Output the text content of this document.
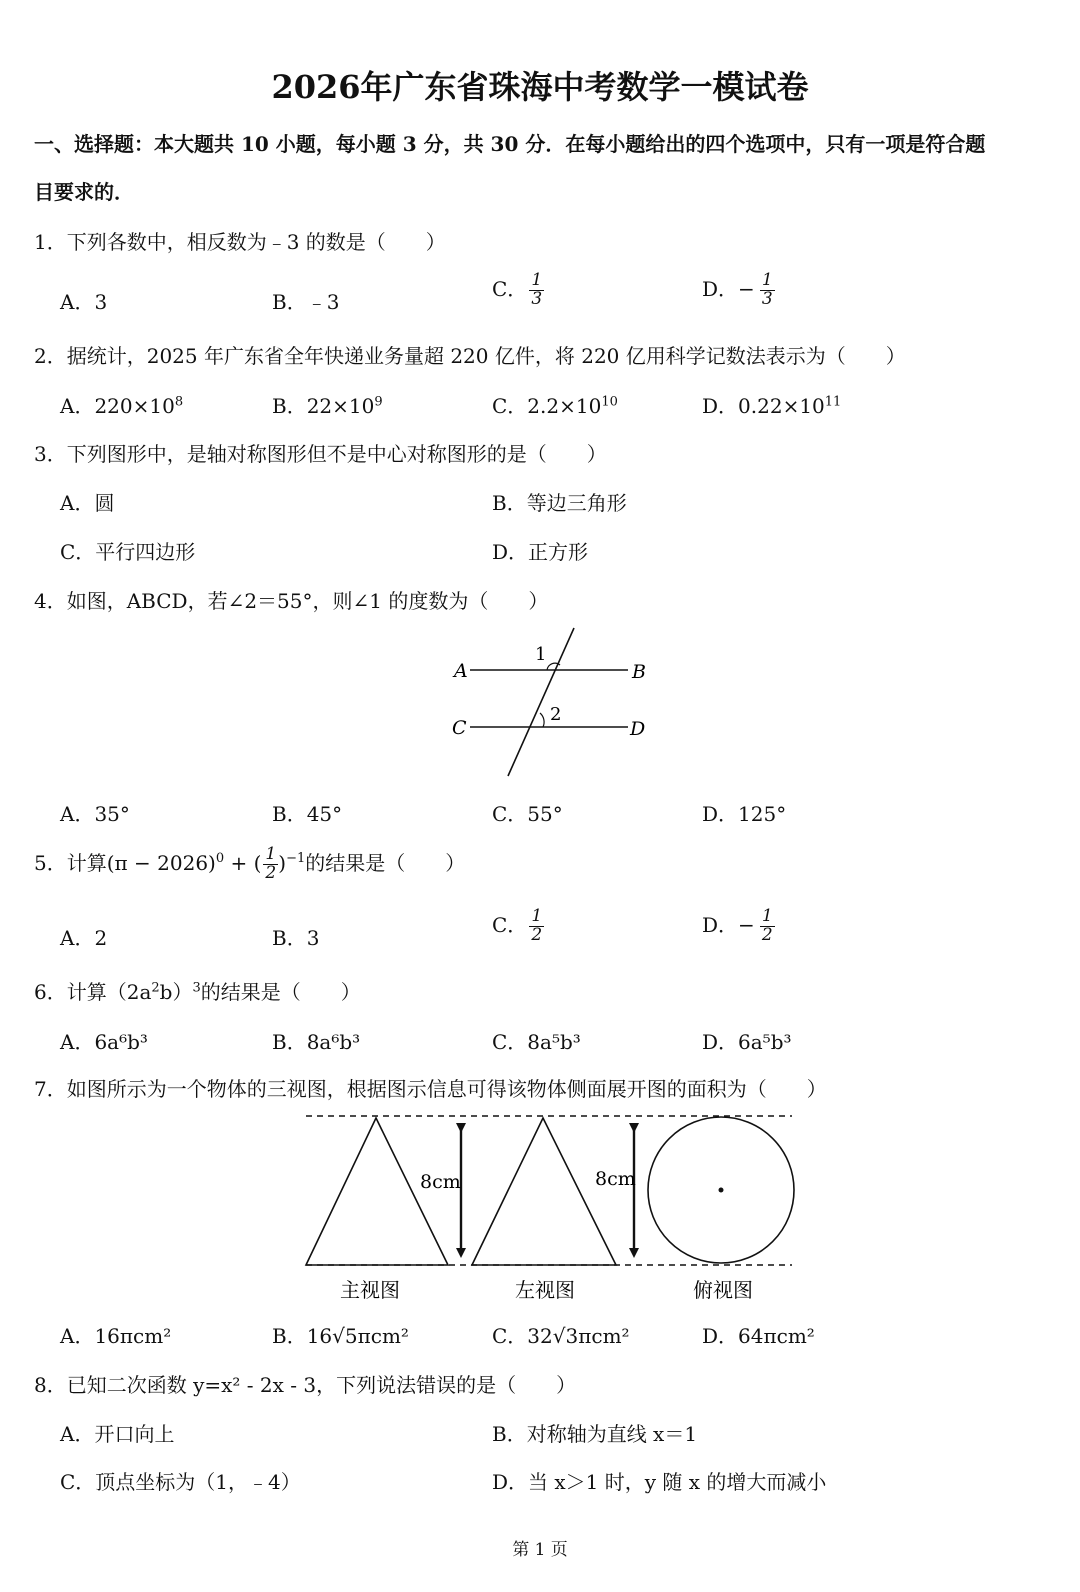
2026年广东省珠海中考数学一模试卷
一、选择题：本大题共 10 小题，每小题 3 分，共 30 分．在每小题给出的四个选项中，只有一项是符合题
目要求的．
1．下列各数中，相反数为﹣3 的数是（　　）
A．3	B．﹣3
C． $\frac{1}{3}$	D．− $\frac{1}{3}$
2．据统计，2025 年广东省全年快递业务量超 220 亿件，将 220 亿用科学记数法表示为（　　）
A．$220\times 10^8$	B．$22\times 10^9$	C．$2.2\times 10^{10}$	D．$0.22\times 10^{11}$
3．下列图形中，是轴对称图形但不是中心对称图形的是（　　）
A．圆	B．等边三角形
C．平行四边形	D．正方形
4．如图，ABCD，若∠2＝55°，则∠1 的度数为（　　）
A	B
C	D
1
2
A．35°	B．45°	C．55°	D．125°
5．计算$(\pi - 2026)^0$ + ( $\frac{1}{2} )^{-1}$的结果是（　　）
A．2	B．3
C． $\frac{1}{2}$	D．− $\frac{1}{2}$
6．计算$(2a^2b)^3$的结果是（　　）
A．6a⁶b³	B．8a⁶b³	C．8a⁵b³	D．6a⁵b³
7．如图所示为一个物体的三视图，根据图示信息可得该物体侧面展开图的面积为（　　）
8cm	8cm
主视图	左视图	俯视图
A．16πcm²	B．16√5πcm²	C．32√3πcm²	D．64πcm²
8．已知二次函数 y=x² - 2x - 3，下列说法错误的是（　　）
A．开口向上	B．对称轴为直线 x＝1
C．顶点坐标为（1，﹣4）	D．当 x＞1 时，y 随 x 的增大而减小
第 1 页
